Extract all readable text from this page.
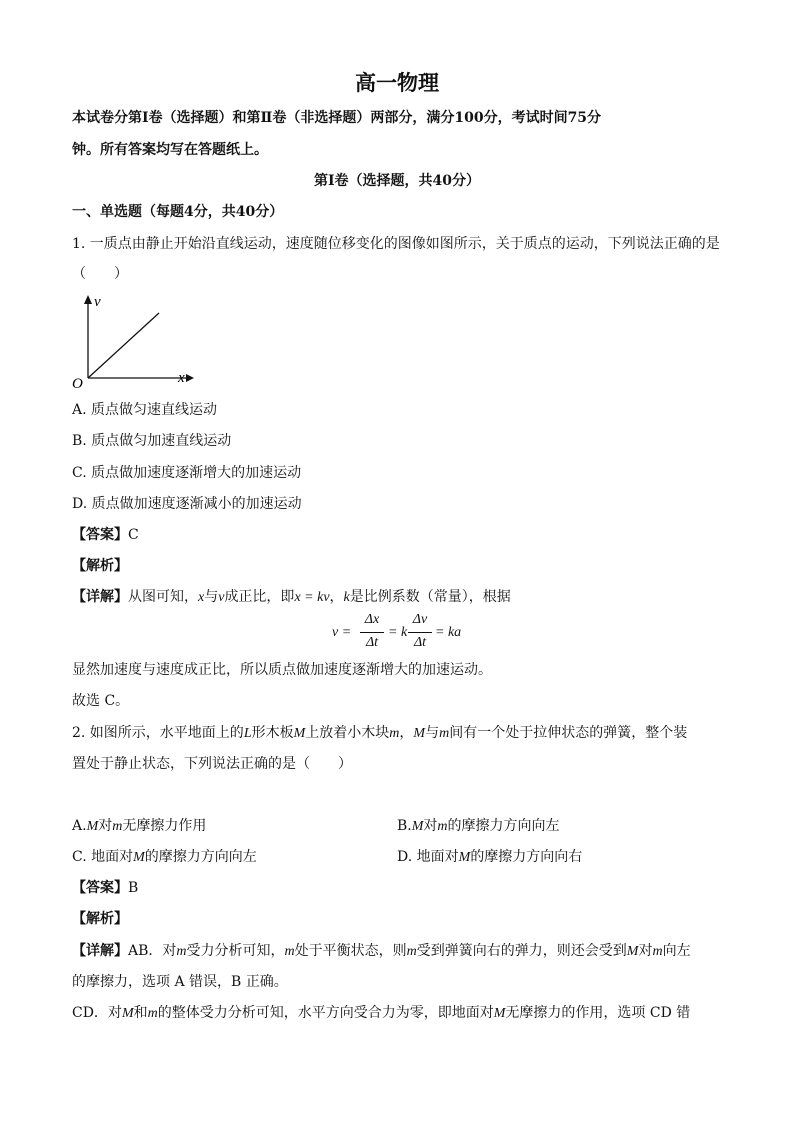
高一物理
本试卷分第Ⅰ卷（选择题）和第Ⅱ卷（非选择题）两部分，满分100分，考试时间75分
钟。所有答案均写在答题纸上。
第Ⅰ卷（选择题，共40分）
一、单选题（每题4分，共40分）
1. 一质点由静止开始沿直线运动，速度随位移变化的图像如图所示，关于质点的运动，下列说法正确的是
（　　）
v
x
O
A. 质点做匀速直线运动
B. 质点做匀加速直线运动
C. 质点做加速度逐渐增大的加速运动
D. 质点做加速度逐渐减小的加速运动
【答案】C
【解析】
【详解】从图可知，x与v成正比，即x = kv，k是比例系数（常量），根据
v =
Δx
Δt
= k
Δv
Δt
= ka
显然加速度与速度成正比，所以质点做加速度逐渐增大的加速运动。
故选 C。
2. 如图所示，水平地面上的L形木板M上放着小木块m，M与m间有一个处于拉伸状态的弹簧，整个装
置处于静止状态，下列说法正确的是（　　）
A.M对m无摩擦力作用	B.M对m的摩擦力方向向左
C. 地面对M的摩擦力方向向左	D. 地面对M的摩擦力方向向右
【答案】B
【解析】
【详解】AB．对m受力分析可知，m处于平衡状态，则m受到弹簧向右的弹力，则还会受到M对m向左
的摩擦力，选项 A 错误，B 正确。
CD．对M和m的整体受力分析可知，水平方向受合力为零，即地面对M无摩擦力的作用，选项 CD 错
